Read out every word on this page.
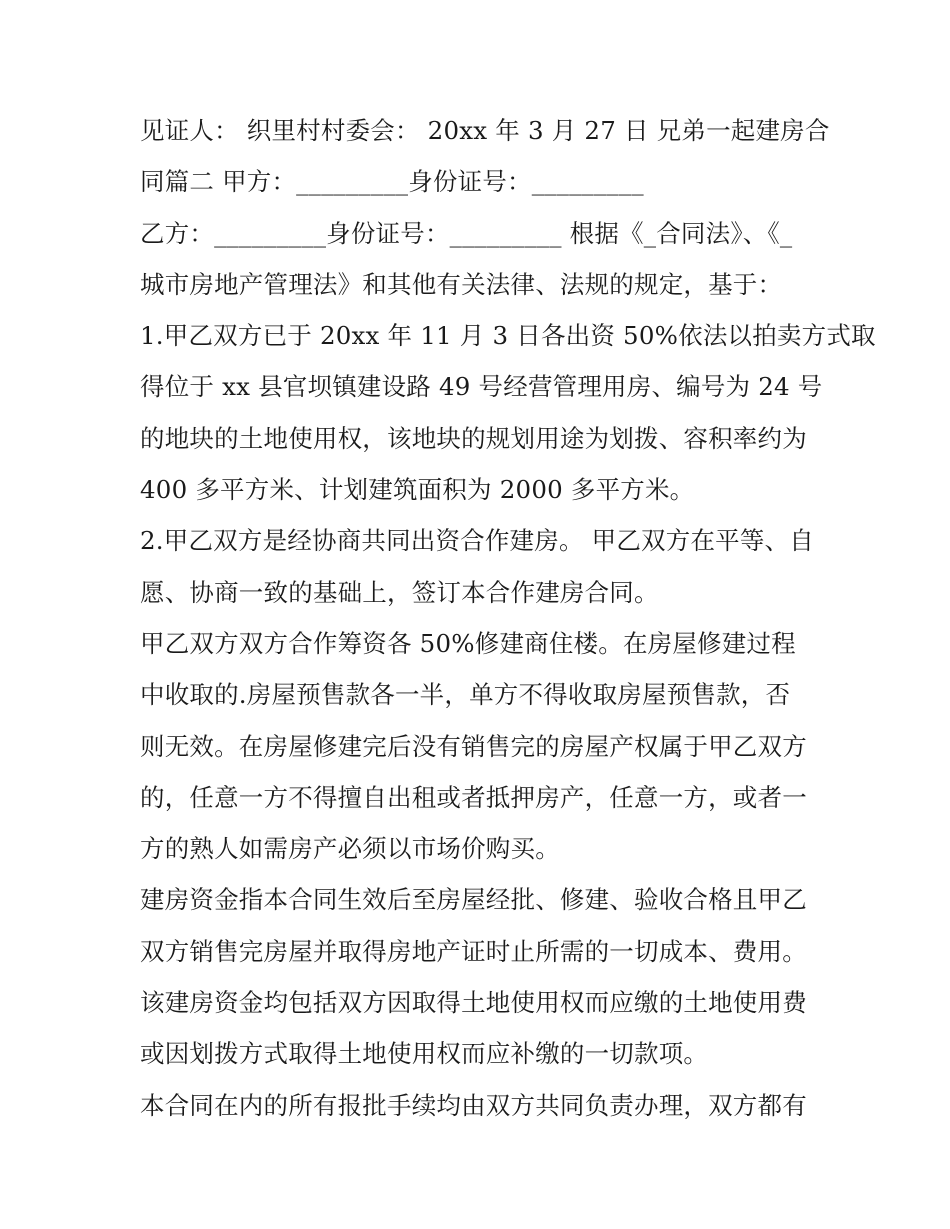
见证人： 织里村村委会： 20xx 年 3 月 27 日 兄弟一起建房合
同篇二 甲方：_________身份证号：_________
乙方：_________身份证号：_________ 根据《_合同法》、《_
城市房地产管理法》和其他有关法律、法规的规定，基于：
1.甲乙双方已于 20xx 年 11 月 3 日各出资 50%依法以拍卖方式取
得位于 xx 县官坝镇建设路 49 号经营管理用房、编号为 24 号
的地块的土地使用权，该地块的规划用途为划拨、容积率约为
400 多平方米、计划建筑面积为 2000 多平方米。
2.甲乙双方是经协商共同出资合作建房。 甲乙双方在平等、自
愿、协商一致的基础上，签订本合作建房合同。
甲乙双方双方合作筹资各 50%修建商住楼。在房屋修建过程
中收取的.房屋预售款各一半，单方不得收取房屋预售款，否
则无效。在房屋修建完后没有销售完的房屋产权属于甲乙双方
的，任意一方不得擅自出租或者抵押房产，任意一方，或者一
方的熟人如需房产必须以市场价购买。
建房资金指本合同生效后至房屋经批、修建、验收合格且甲乙
双方销售完房屋并取得房地产证时止所需的一切成本、费用。
该建房资金均包括双方因取得土地使用权而应缴的土地使用费
或因划拨方式取得土地使用权而应补缴的一切款项。
本合同在内的所有报批手续均由双方共同负责办理，双方都有
